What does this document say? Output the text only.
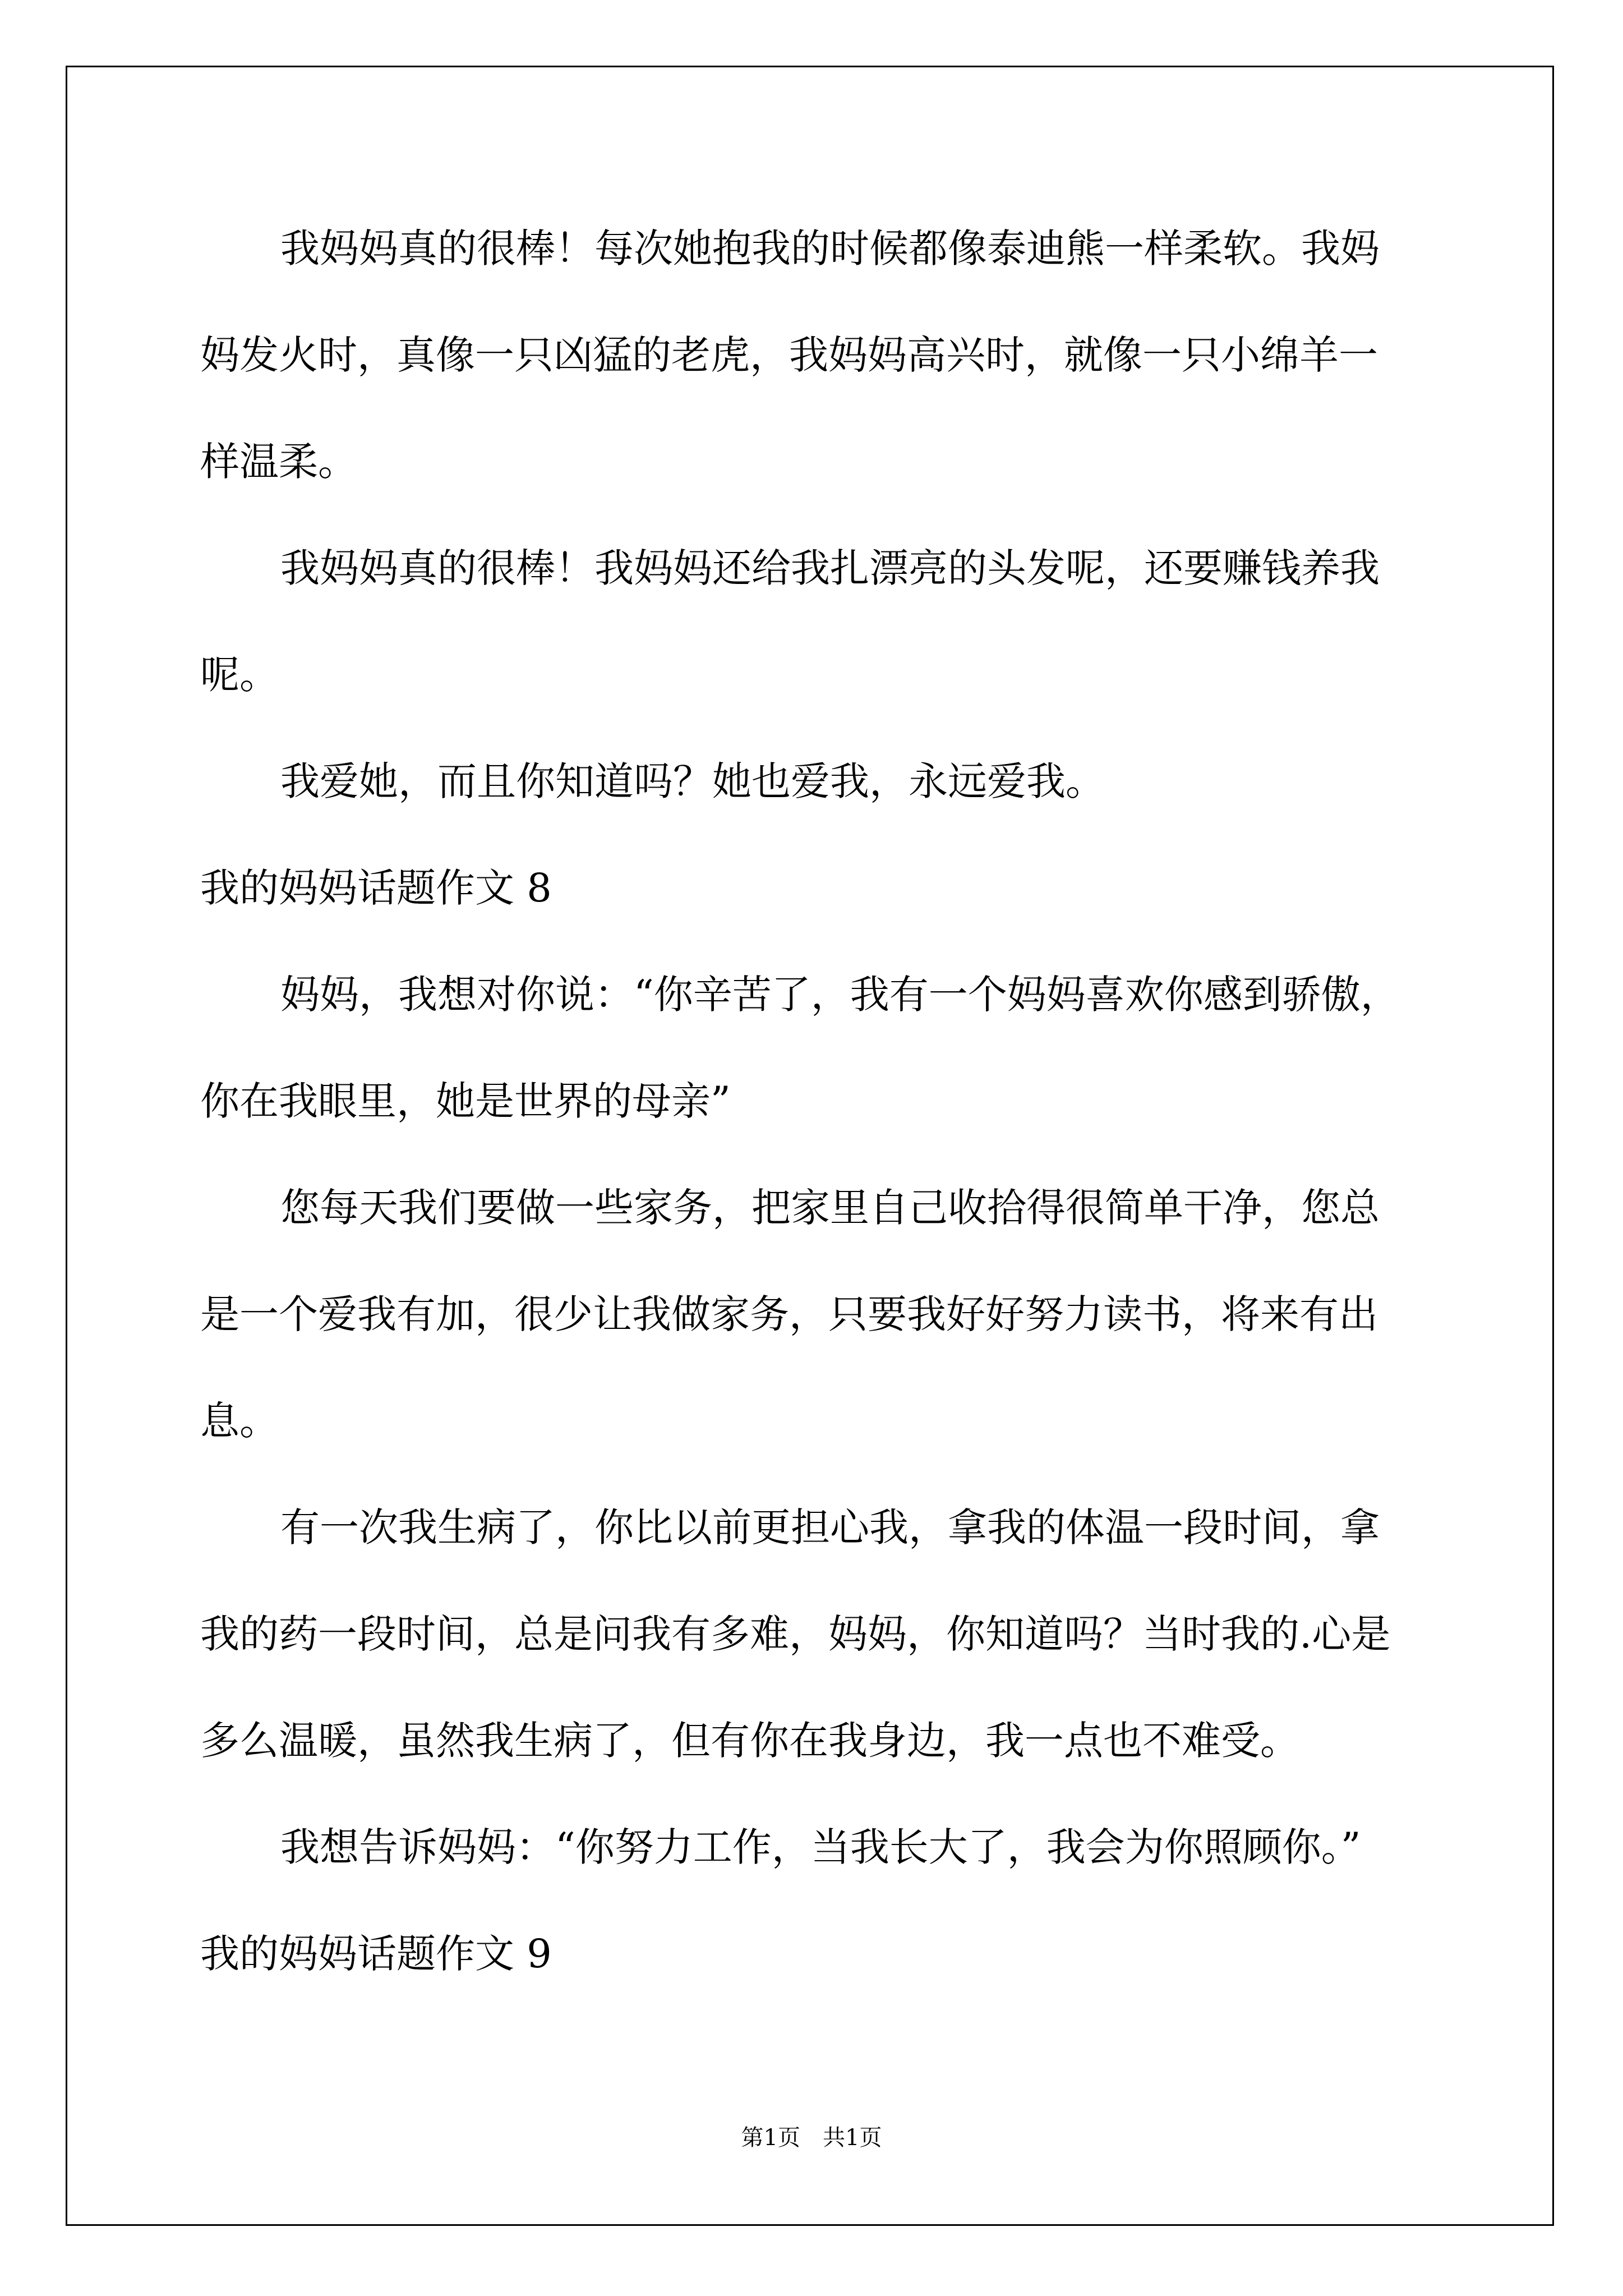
我妈妈真的很棒！每次她抱我的时候都像泰迪熊一样柔软。我妈
妈发火时，真像一只凶猛的老虎，我妈妈高兴时，就像一只小绵羊一
样温柔。
我妈妈真的很棒！我妈妈还给我扎漂亮的头发呢，还要赚钱养我
呢。
我爱她，而且你知道吗？她也爱我，永远爱我。
我的妈妈话题作文 8
妈妈，我想对你说：“你辛苦了，我有一个妈妈喜欢你感到骄傲，
你在我眼里，她是世界的母亲”
您每天我们要做一些家务，把家里自己收拾得很简单干净，您总
是一个爱我有加，很少让我做家务，只要我好好努力读书，将来有出
息。
有一次我生病了，你比以前更担心我，拿我的体温一段时间，拿
我的药一段时间，总是问我有多难，妈妈，你知道吗？当时我的.心是
多么温暖，虽然我生病了，但有你在我身边，我一点也不难受。
我想告诉妈妈：“你努力工作，当我长大了，我会为你照顾你。”
我的妈妈话题作文 9
第1页　共1页
